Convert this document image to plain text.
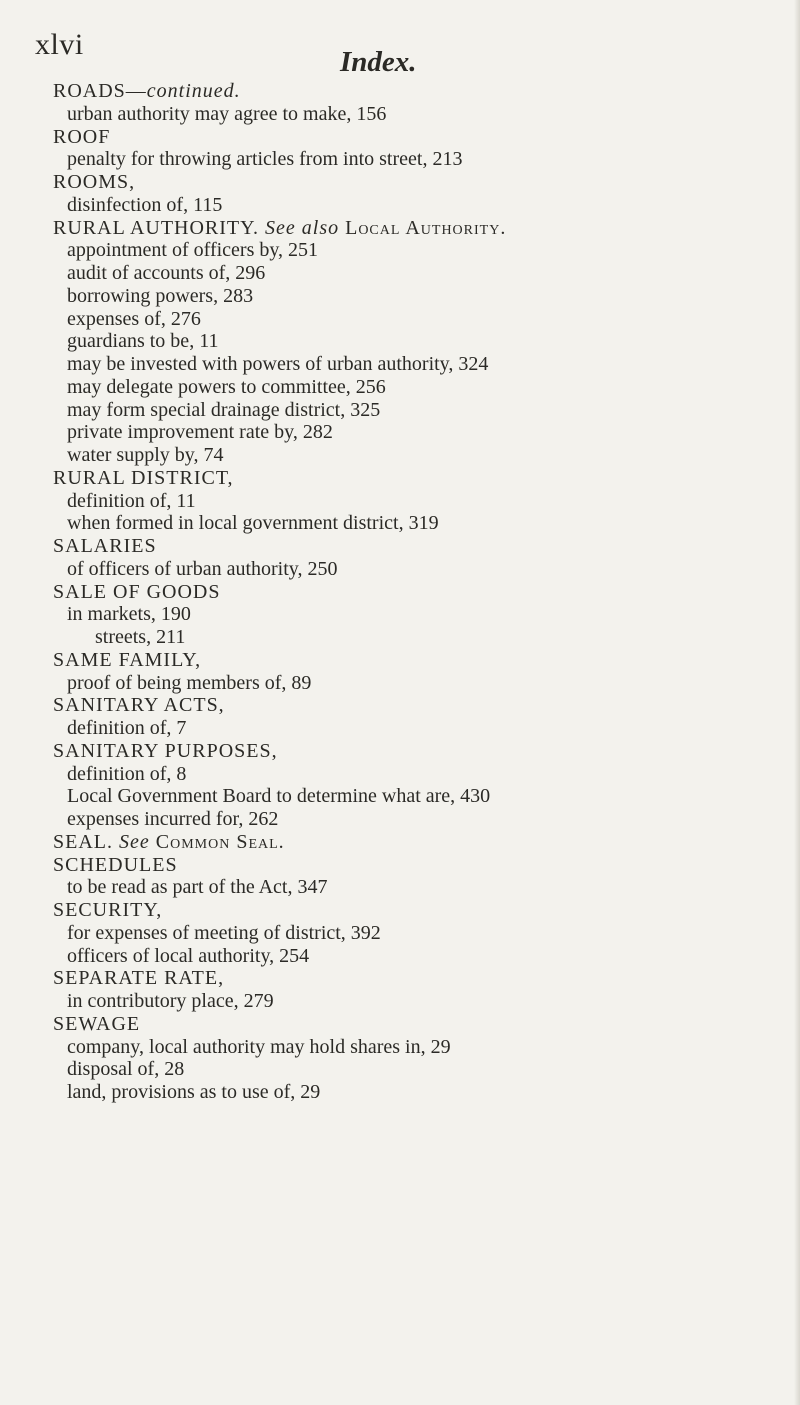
xlvi
Index.
ROADS—continued.
urban authority may agree to make, 156
ROOF
penalty for throwing articles from into street, 213
ROOMS,
disinfection of, 115
RURAL AUTHORITY. See also Local Authority.
appointment of officers by, 251
audit of accounts of, 296
borrowing powers, 283
expenses of, 276
guardians to be, 11
may be invested with powers of urban authority, 324
may delegate powers to committee, 256
may form special drainage district, 325
private improvement rate by, 282
water supply by, 74
RURAL DISTRICT,
definition of, 11
when formed in local government district, 319
SALARIES
of officers of urban authority, 250
SALE OF GOODS
in markets, 190
streets, 211
SAME FAMILY,
proof of being members of, 89
SANITARY ACTS,
definition of, 7
SANITARY PURPOSES,
definition of, 8
Local Government Board to determine what are, 430
expenses incurred for, 262
SEAL. See Common Seal.
SCHEDULES
to be read as part of the Act, 347
SECURITY,
for expenses of meeting of district, 392
officers of local authority, 254
SEPARATE RATE,
in contributory place, 279
SEWAGE
company, local authority may hold shares in, 29
disposal of, 28
land, provisions as to use of, 29
